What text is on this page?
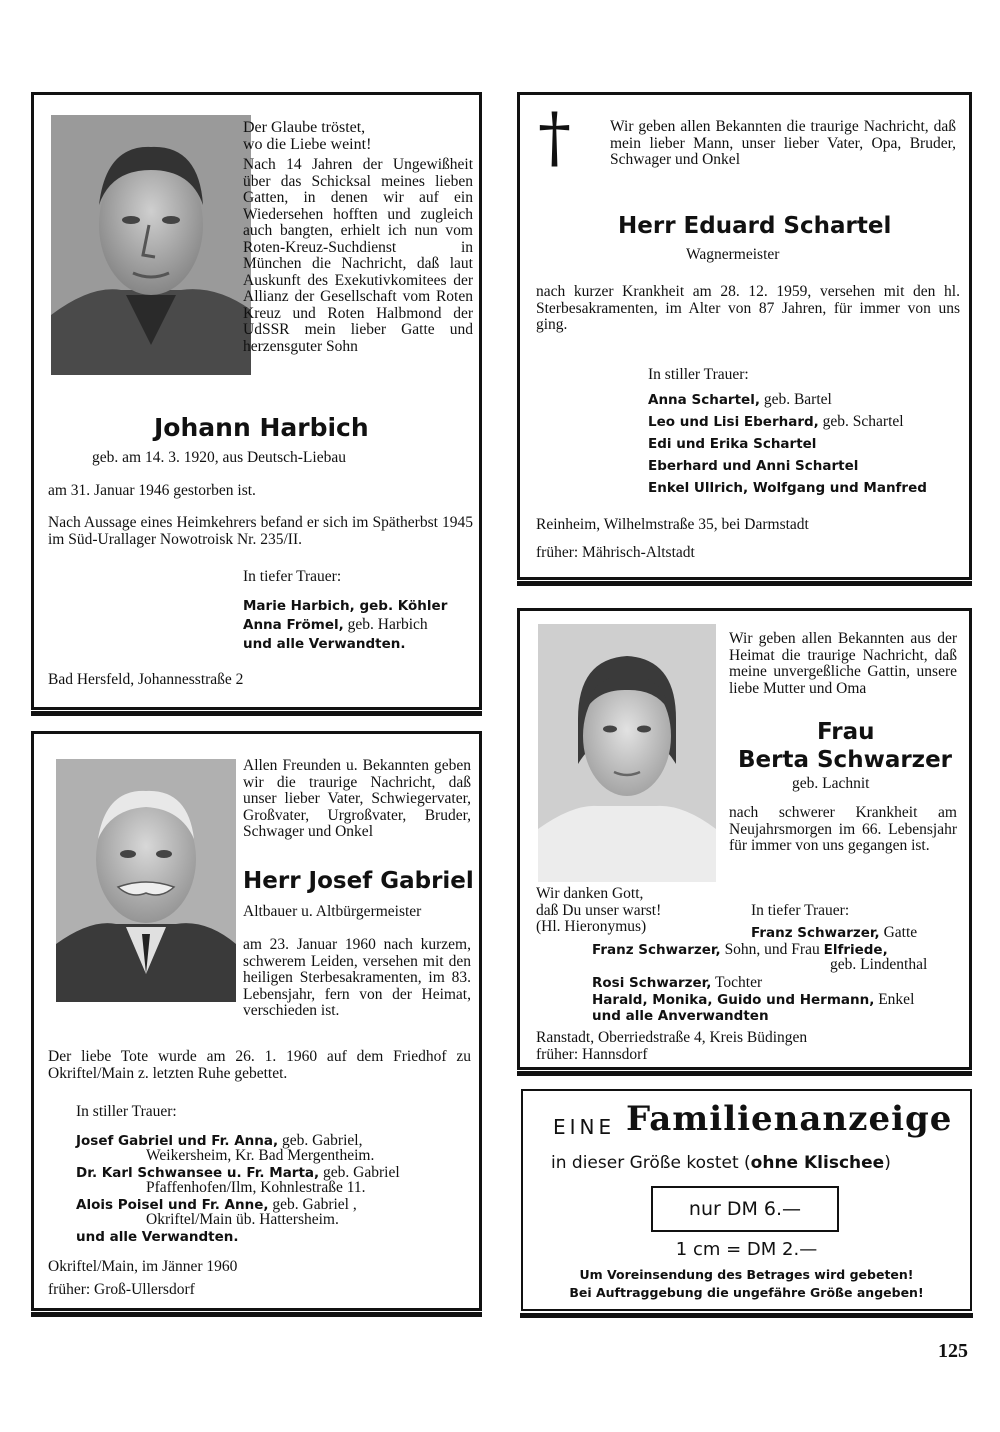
Der Glaube tröstet,
wo die Liebe weint!
Nach 14 Jahren der Ungewißheit über das Schicksal meines lieben Gatten, in denen wir auf ein Wiedersehen hofften und zugleich auch bangten, erhielt ich nun vom Roten-Kreuz-Suchdienst in München die Nachricht, daß laut Auskunft des Exekutivkomitees der Allianz der Gesellschaft vom Roten Kreuz und Roten Halbmond der UdSSR mein lieber Gatte und herzensguter Sohn
Johann Harbich
geb. am 14. 3. 1920, aus Deutsch-Liebau
am 31. Januar 1946 gestorben ist.
Nach Aussage eines Heimkehrers befand er sich im Spätherbst 1945 im Süd-Urallager Nowotroisk Nr. 235/II.
In tiefer Trauer:
Marie Harbich, geb. Köhler
Anna Frömel, geb. Harbich
und alle Verwandten.
Bad Hersfeld, Johannesstraße 2
†	Wir geben allen Bekannten die traurige Nachricht, daß mein lieber Mann, unser lieber Vater, Opa, Bruder, Schwager und Onkel
Herr Eduard Schartel
Wagnermeister
nach kurzer Krankheit am 28. 12. 1959, versehen mit den hl. Sterbesakramenten, im Alter von 87 Jahren, für immer von uns ging.
In stiller Trauer:
Anna Schartel, geb. Bartel
Leo und Lisi Eberhard, geb. Schartel
Edi und Erika Schartel
Eberhard und Anni Schartel
Enkel Ullrich, Wolfgang und Manfred
Reinheim, Wilhelmstraße 35, bei Darmstadt
früher: Mährisch-Altstadt
Allen Freunden u. Bekannten geben wir die traurige Nachricht, daß unser lieber Vater, Schwiegervater, Großvater, Urgroßvater, Bruder, Schwager und Onkel
Herr Josef Gabriel
Altbauer u. Altbürgermeister
am 23. Januar 1960 nach kurzem, schwerem Leiden, versehen mit den heiligen Sterbesakramenten, im 83. Lebensjahr, fern von der Heimat, verschieden ist.
Der liebe Tote wurde am 26. 1. 1960 auf dem Friedhof zu Okriftel/Main z. letzten Ruhe gebettet.
In stiller Trauer:
Josef Gabriel und Fr. Anna, geb. Gabriel,
Weikersheim, Kr. Bad Mergentheim.
Dr. Karl Schwansee u. Fr. Marta, geb. Gabriel
Pfaffenhofen/Ilm, Kohnlestraße 11.
Alois Poisel und Fr. Anne, geb. Gabriel ,
Okriftel/Main üb. Hattersheim.
und alle Verwandten.
Okriftel/Main, im Jänner 1960
früher: Groß-Ullersdorf
Wir geben allen Bekannten aus der Heimat die traurige Nachricht, daß meine unvergeßliche Gattin, unsere liebe Mutter und Oma
Frau
Berta Schwarzer
geb. Lachnit
nach schwerer Krankheit am Neujahrsmorgen im 66. Lebensjahr für immer von uns gegangen ist.
Wir danken Gott,
daß Du unser warst!
(Hl. Hieronymus)
In tiefer Trauer:
Franz Schwarzer, Gatte
Franz Schwarzer, Sohn, und Frau Elfriede,
geb. Lindenthal
Rosi Schwarzer, Tochter
Harald, Monika, Guido und Hermann, Enkel
und alle Anverwandten
Ranstadt, Oberriedstraße 4, Kreis Büdingen
früher: Hannsdorf
EINE Familienanzeige
in dieser Größe kostet (ohne Klischee)
nur DM 6.—
1 cm = DM 2.—
Um Voreinsendung des Betrages wird gebeten!
Bei Auftraggebung die ungefähre Größe angeben!
125
